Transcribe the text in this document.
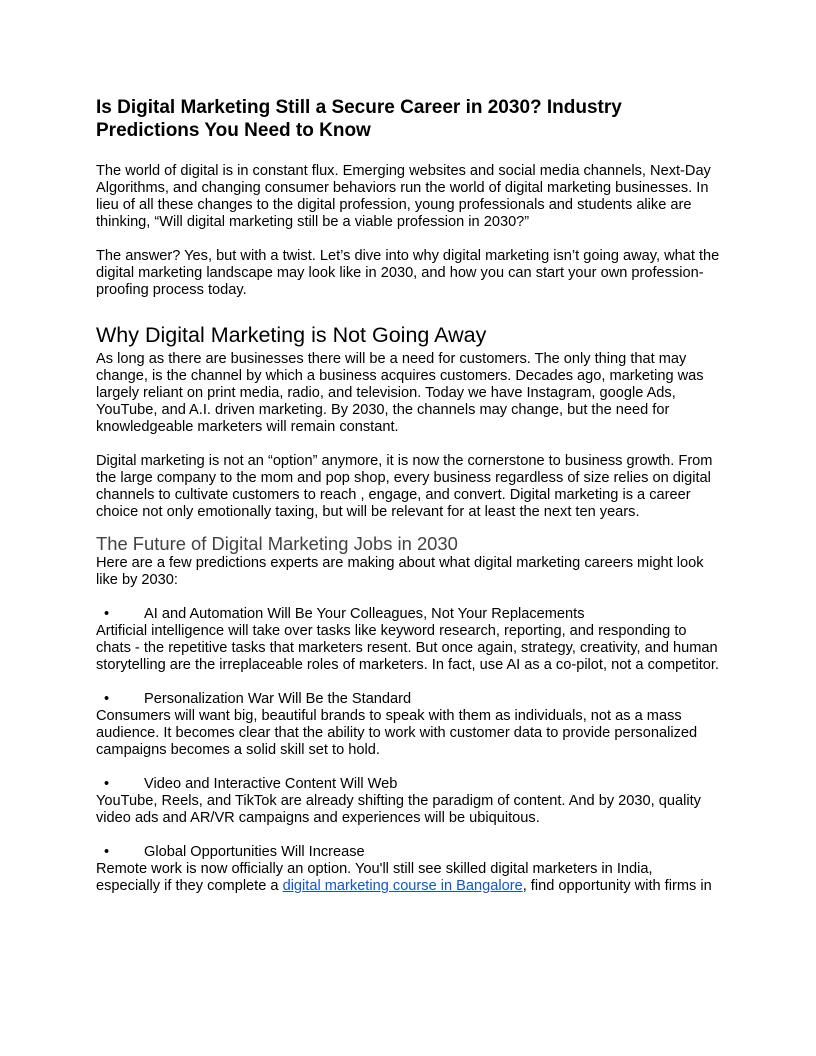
Is Digital Marketing Still a Secure Career in 2030? Industry Predictions You Need to Know

The world of digital is in constant flux. Emerging websites and social media channels, Next-Day Algorithms, and changing consumer behaviors run the world of digital marketing businesses. In lieu of all these changes to the digital profession, young professionals and students alike are thinking, “Will digital marketing still be a viable profession in 2030?”

The answer? Yes, but with a twist. Let’s dive into why digital marketing isn’t going away, what the digital marketing landscape may look like in 2030, and how you can start your own profession-proofing process today.

Why Digital Marketing is Not Going Away

As long as there are businesses there will be a need for customers. The only thing that may change, is the channel by which a business acquires customers. Decades ago, marketing was largely reliant on print media, radio, and television. Today we have Instagram, google Ads, YouTube, and A.I. driven marketing. By 2030, the channels may change, but the need for knowledgeable marketers will remain constant.

Digital marketing is not an “option” anymore, it is now the cornerstone to business growth. From the large company to the mom and pop shop, every business regardless of size relies on digital channels to cultivate customers to reach , engage, and convert. Digital marketing is a career choice not only emotionally taxing, but will be relevant for at least the next ten years.

The Future of Digital Marketing Jobs in 2030

Here are a few predictions experts are making about what digital marketing careers might look like by 2030:

• AI and Automation Will Be Your Colleagues, Not Your Replacements

Artificial intelligence will take over tasks like keyword research, reporting, and responding to chats - the repetitive tasks that marketers resent. But once again, strategy, creativity, and human storytelling are the irreplaceable roles of marketers. In fact, use AI as a co-pilot, not a competitor.

• Personalization War Will Be the Standard

Consumers will want big, beautiful brands to speak with them as individuals, not as a mass audience. It becomes clear that the ability to work with customer data to provide personalized campaigns becomes a solid skill set to hold.

• Video and Interactive Content Will Web

YouTube, Reels, and TikTok are already shifting the paradigm of content. And by 2030, quality video ads and AR/VR campaigns and experiences will be ubiquitous.

• Global Opportunities Will Increase

Remote work is now officially an option. You'll still see skilled digital marketers in India, especially if they complete a digital marketing course in Bangalore, find opportunity with firms in
